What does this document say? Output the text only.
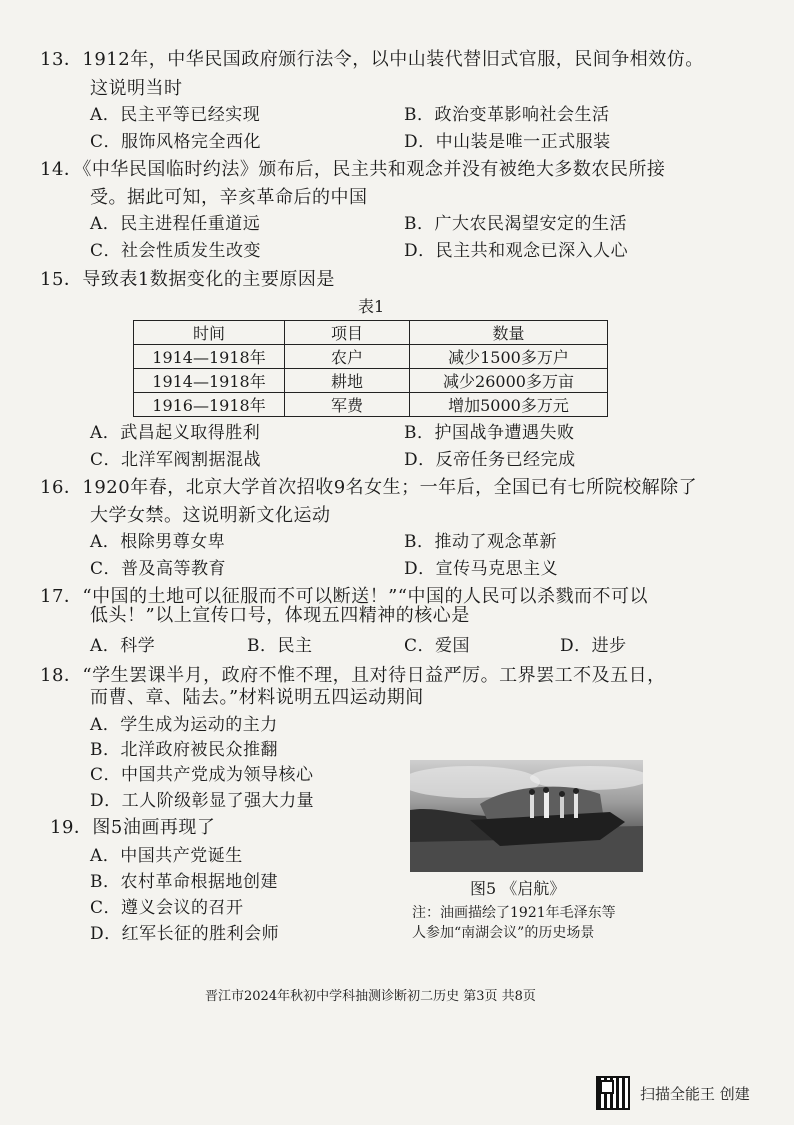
13．1912年，中华民国政府颁行法令，以中山装代替旧式官服，民间争相效仿。
这说明当时
A．民主平等已经实现	B．政治变革影响社会生活
C．服饰风格完全西化	D．中山装是唯一正式服装
14．《中华民国临时约法》颁布后，民主共和观念并没有被绝大多数农民所接
受。据此可知，辛亥革命后的中国
A．民主进程任重道远	B．广大农民渴望安定的生活
C．社会性质发生改变	D．民主共和观念已深入人心
15．导致表1数据变化的主要原因是
表1
时间	项目	数量
1914—1918年	农户	减少1500多万户
1914—1918年	耕地	减少26000多万亩
1916—1918年	军费	增加5000多万元
A．武昌起义取得胜利	B．护国战争遭遇失败
C．北洋军阀割据混战	D．反帝任务已经完成
16．1920年春，北京大学首次招收9名女生；一年后，全国已有七所院校解除了
大学女禁。这说明新文化运动
A．根除男尊女卑	B．推动了观念革新
C．普及高等教育	D．宣传马克思主义
17．“中国的土地可以征服而不可以断送！”“中国的人民可以杀戮而不可以
低头！”以上宣传口号，体现五四精神的核心是
A．科学	B．民主	C．爱国	D．进步
18．“学生罢课半月，政府不惟不理，且对待日益严厉。工界罢工不及五日，
而曹、章、陆去。”材料说明五四运动期间
A．学生成为运动的主力
B．北洋政府被民众推翻
C．中国共产党成为领导核心
D．工人阶级彰显了强大力量
19．图5油画再现了
A．中国共产党诞生
B．农村革命根据地创建
C．遵义会议的召开
D．红军长征的胜利会师
图5 《启航》
注：油画描绘了1921年毛泽东等
人参加“南湖会议”的历史场景
晋江市2024年秋初中学科抽测诊断初二历史 第3页 共8页
扫描全能王 创建
